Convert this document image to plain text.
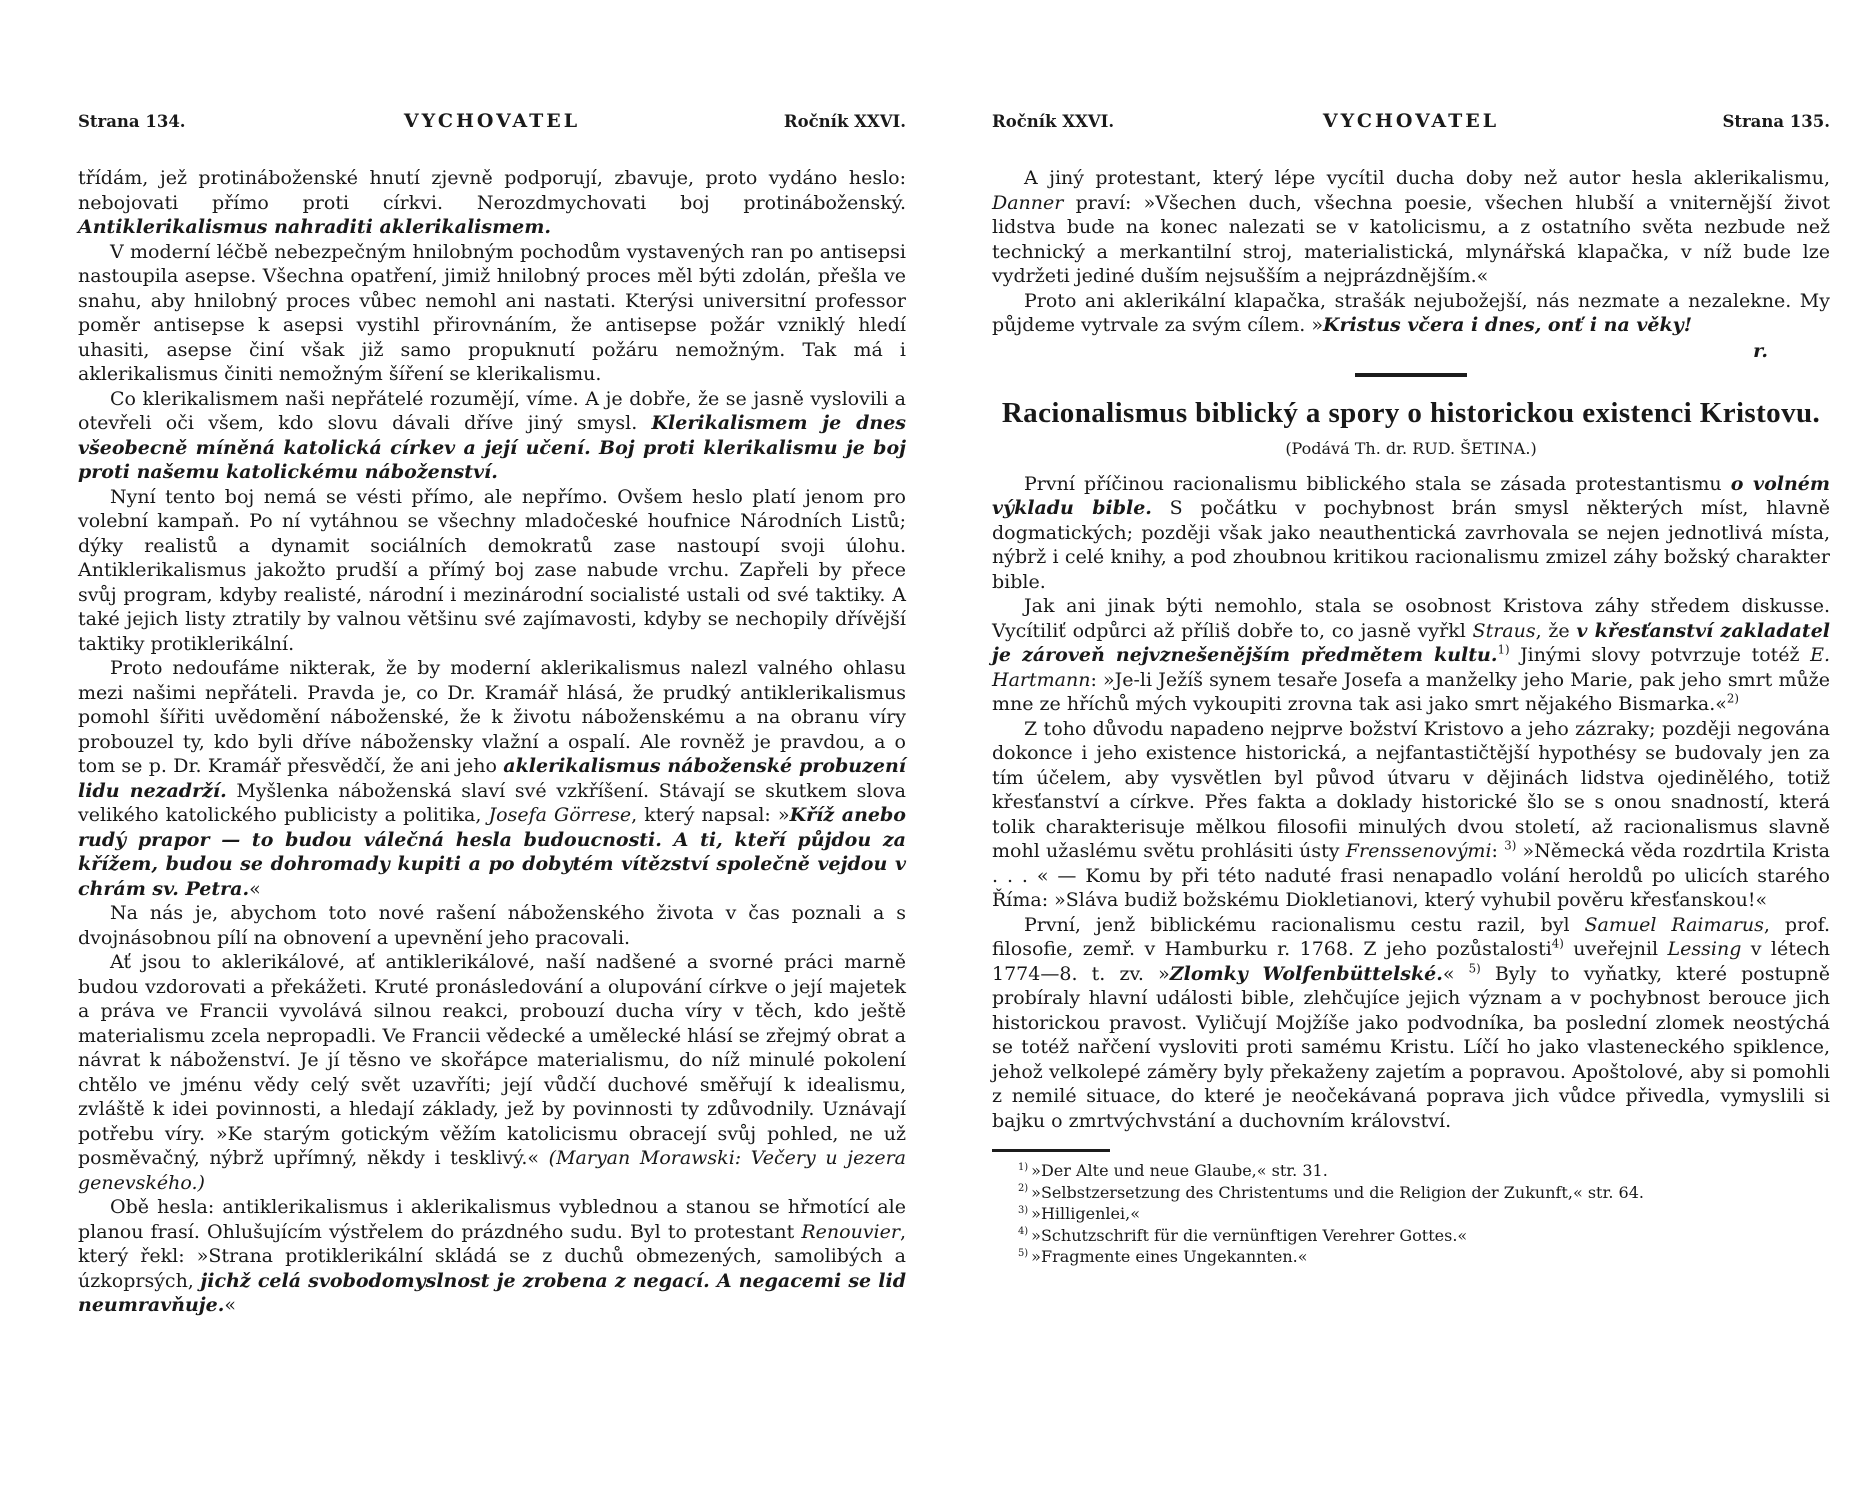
Strana 134.	VYCHOVATEL	Ročník XXVI.

třídám, jež protináboženské hnutí zjevně podporují, zbavuje, proto vydáno heslo: nebojovati přímo proti církvi. Nerozdmychovati boj protináboženský. Antiklerikalismus nahraditi aklerikalismem.

V moderní léčbě nebezpečným hnilobným pochodům vystavených ran po antisepsi nastoupila asepse. Všechna opatření, jimiž hnilobný proces měl býti zdolán, přešla ve snahu, aby hnilobný proces vůbec nemohl ani nastati. Kterýsi universitní professor poměr antisepse k asepsi vystihl přirovnáním, že antisepse požár vzniklý hledí uhasiti, asepse činí však již samo propuknutí požáru nemožným. Tak má i aklerikalismus činiti nemožným šíření se klerikalismu.

Co klerikalismem naši nepřátelé rozumějí, víme. A je dobře, že se jasně vyslovili a otevřeli oči všem, kdo slovu dávali dříve jiný smysl. Klerikalismem je dnes všeobecně míněná katolická církev a její učení. Boj proti klerikalismu je boj proti našemu katolickému náboženství.

Nyní tento boj nemá se vésti přímo, ale nepřímo. Ovšem heslo platí jenom pro volební kampaň. Po ní vytáhnou se všechny mladočeské houfnice Národních Listů; dýky realistů a dynamit sociálních demokratů zase nastoupí svoji úlohu. Antiklerikalismus jakožto prudší a přímý boj zase nabude vrchu. Zapřeli by přece svůj program, kdyby realisté, národní i mezinárodní socialisté ustali od své taktiky. A také jejich listy ztratily by valnou většinu své zajímavosti, kdyby se nechopily dřívější taktiky protiklerikální.

Proto nedoufáme nikterak, že by moderní aklerikalismus nalezl valného ohlasu mezi našimi nepřáteli. Pravda je, co Dr. Kramář hlásá, že prudký antiklerikalismus pomohl šířiti uvědomění náboženské, že k životu náboženskému a na obranu víry probouzel ty, kdo byli dříve nábožensky vlažní a ospalí. Ale rovněž je pravdou, a o tom se p. Dr. Kramář přesvědčí, že ani jeho aklerikalismus náboženské probuzení lidu nezadrží. Myšlenka náboženská slaví své vzkříšení. Stávají se skutkem slova velikého katolického publicisty a politika, Josefa Görrese, který napsal: »Kříž anebo rudý prapor — to budou válečná hesla budoucnosti. A ti, kteří půjdou za křížem, budou se dohromady kupiti a po dobytém vítězství společně vejdou v chrám sv. Petra.«

Na nás je, abychom toto nové rašení náboženského života v čas poznali a s dvojnásobnou pílí na obnovení a upevnění jeho pracovali.

Ať jsou to aklerikálové, ať antiklerikálové, naší nadšené a svorné práci marně budou vzdorovati a překážeti. Kruté pronásledování a olupování církve o její majetek a práva ve Francii vyvolává silnou reakci, probouzí ducha víry v těch, kdo ještě materialismu zcela nepropadli. Ve Francii vědecké a umělecké hlásí se zřejmý obrat a návrat k náboženství. Je jí těsno ve skořápce materialismu, do níž minulé pokolení chtělo ve jménu vědy celý svět uzavříti; její vůdčí duchové směřují k idealismu, zvláště k idei povinnosti, a hledají základy, jež by povinnosti ty zdůvodnily. Uznávají potřebu víry. »Ke starým gotickým věžím katolicismu obracejí svůj pohled, ne už posměvačný, nýbrž upřímný, někdy i tesklivý.« (Maryan Morawski: Večery u jezera genevského.)

Obě hesla: antiklerikalismus i aklerikalismus vyblednou a stanou se hřmotící ale planou frasí. Ohlušujícím výstřelem do prázdného sudu. Byl to protestant Renouvier, který řekl: »Strana protiklerikální skládá se z duchů obmezených, samolibých a úzkoprsých, jichž celá svobodomyslnost je zrobena z negací. A negacemi se lid neumravňuje.«

Ročník XXVI.	VYCHOVATEL	Strana 135.

A jiný protestant, který lépe vycítil ducha doby než autor hesla aklerikalismu, Danner praví: »Všechen duch, všechna poesie, všechen hlubší a vniternější život lidstva bude na konec nalezati se v katolicismu, a z ostatního světa nezbude než technický a merkantilní stroj, materialistická, mlynářská klapačka, v níž bude lze vydržeti jediné duším nejsušším a nejprázdnějším.«

Proto ani aklerikální klapačka, strašák nejubožejší, nás nezmate a nezalekne. My půjdeme vytrvale za svým cílem. »Kristus včera i dnes, onť i na věky!

r.

Racionalismus biblický a spory o historickou existenci Kristovu.

(Podává Th. dr. RUD. ŠETINA.)

První příčinou racionalismu biblického stala se zásada protestantismu o volném výkladu bible. S počátku v pochybnost brán smysl některých míst, hlavně dogmatických; později však jako neauthentická zavrhovala se nejen jednotlivá místa, nýbrž i celé knihy, a pod zhoubnou kritikou racionalismu zmizel záhy božský charakter bible.

Jak ani jinak býti nemohlo, stala se osobnost Kristova záhy středem diskusse. Vycítiliť odpůrci až příliš dobře to, co jasně vyřkl Straus, že v křesťanství zakladatel je zároveň nejvznešenějším předmětem kultu.$^{1)}$ Jinými slovy potvrzuje totéž E. Hartmann: »Je-li Ježíš synem tesaře Josefa a manželky jeho Marie, pak jeho smrt může mne ze hříchů mých vykoupiti zrovna tak asi jako smrt nějakého Bismarka.«$^{2)}$

Z toho důvodu napadeno nejprve božství Kristovo a jeho zázraky; později negována dokonce i jeho existence historická, a nejfantastičtější hypothésy se budovaly jen za tím účelem, aby vysvětlen byl původ útvaru v dějinách lidstva ojedinělého, totiž křesťanství a církve. Přes fakta a doklady historické šlo se s onou snadností, která tolik charakterisuje mělkou filosofii minulých dvou století, až racionalismus slavně mohl užaslému světu prohlásiti ústy Frenssenovými: $^{3)}$ »Německá věda rozdrtila Krista . . . « — Komu by při této naduté frasi nenapadlo volání heroldů po ulicích starého Říma: »Sláva budiž božskému Diokletianovi, který vyhubil pověru křesťanskou!«

První, jenž biblickému racionalismu cestu razil, byl Samuel Raimarus, prof. filosofie, zemř. v Hamburku r. 1768. Z jeho pozůstalosti$^{4)}$ uveřejnil Lessing v létech 1774—8. t. zv. »Zlomky Wolfenbüttelské.« $^{5)}$ Byly to vyňatky, které postupně probíraly hlavní události bible, zlehčujíce jejich význam a v pochybnost berouce jich historickou pravost. Vyličují Mojžíše jako podvodníka, ba poslední zlomek neostýchá se totéž nařčení vysloviti proti samému Kristu. Líčí ho jako vlasteneckého spiklence, jehož velkolepé záměry byly překaženy zajetím a popravou. Apoštolové, aby si pomohli z nemilé situace, do které je neočekávaná poprava jich vůdce přivedla, vymyslili si bajku o zmrtvýchvstání a duchovním království.

$^{1)}$ »Der Alte und neue Glaube,« str. 31.

$^{2)}$ »Selbstzersetzung des Christentums und die Religion der Zukunft,« str. 64.

$^{3)}$ »Hilligenlei,«

$^{4)}$ »Schutzschrift für die vernünftigen Verehrer Gottes.«

$^{5)}$ »Fragmente eines Ungekannten.«
